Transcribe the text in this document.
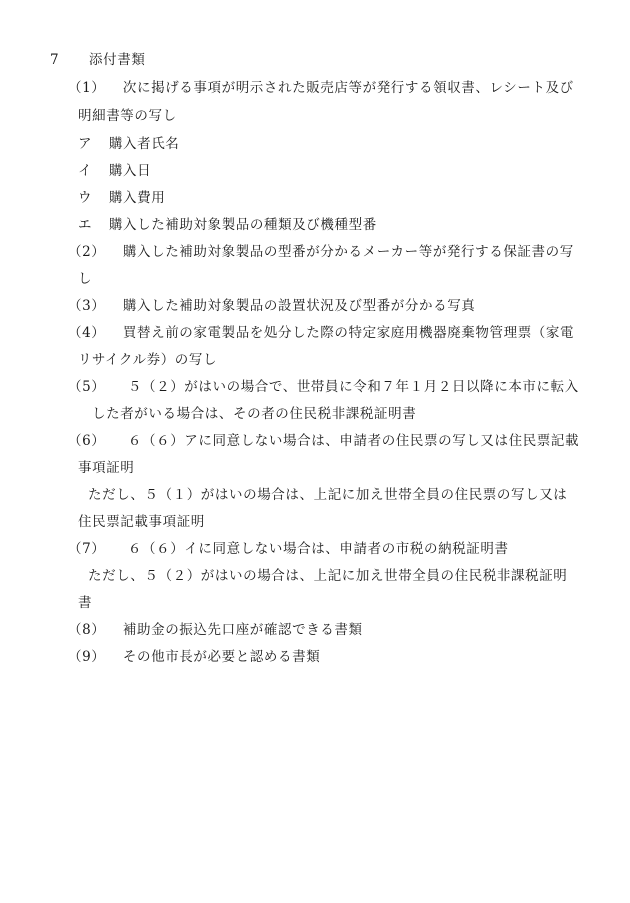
7 添付書類
（1） 次に掲げる事項が明示された販売店等が発行する領収書、レシート及び
明細書等の写し
ア 購入者氏名
イ 購入日
ウ 購入費用
エ 購入した補助対象製品の種類及び機種型番
（2） 購入した補助対象製品の型番が分かるメーカー等が発行する保証書の写
し
（3） 購入した補助対象製品の設置状況及び型番が分かる写真
（4） 買替え前の家電製品を処分した際の特定家庭用機器廃棄物管理票（家電
リサイクル券）の写し
（5） ５（２）がはいの場合で、世帯員に令和７年１月２日以降に本市に転入
した者がいる場合は、その者の住民税非課税証明書
（6） ６（６）アに同意しない場合は、申請者の住民票の写し又は住民票記載
事項証明
ただし、５（１）がはいの場合は、上記に加え世帯全員の住民票の写し又は
住民票記載事項証明
（7） ６（６）イに同意しない場合は、申請者の市税の納税証明書
ただし、５（２）がはいの場合は、上記に加え世帯全員の住民税非課税証明
書
（8） 補助金の振込先口座が確認できる書類
（9） その他市長が必要と認める書類
